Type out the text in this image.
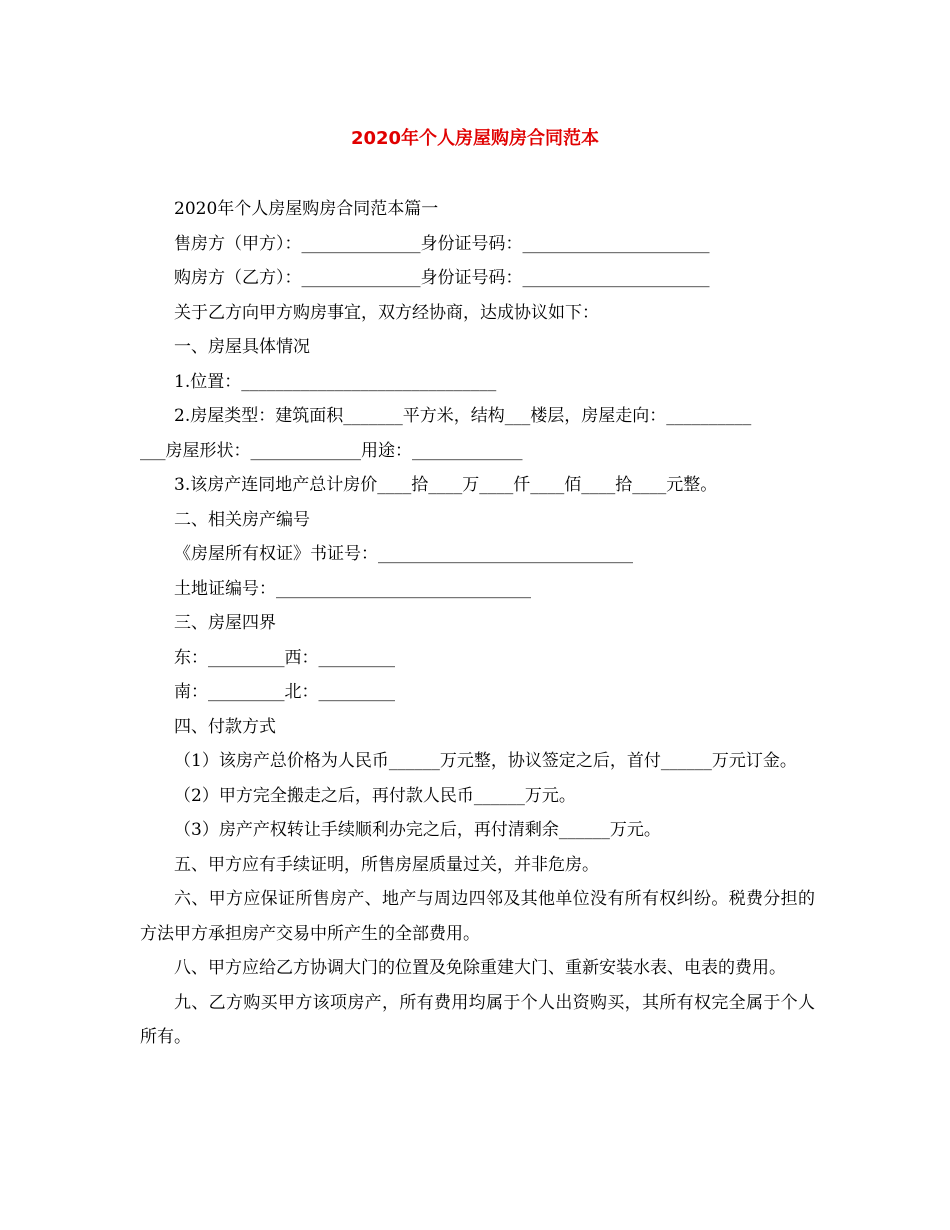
2020年个人房屋购房合同范本

2020年个人房屋购房合同范本篇一

售房方（甲方）：______________身份证号码：______________________

购房方（乙方）：______________身份证号码：______________________

关于乙方向甲方购房事宜，双方经协商，达成协议如下：

一、房屋具体情况

1.位置：______________________________

2.房屋类型：建筑面积_______平方米，结构___楼层，房屋走向：__________

___房屋形状：_____________用途：_____________

3.该房产连同地产总计房价____拾____万____仟____佰____拾____元整。

二、相关房产编号

《房屋所有权证》书证号：______________________________

土地证编号：______________________________

三、房屋四界

东：_________西：_________

南：_________北：_________

四、付款方式

（1）该房产总价格为人民币______万元整，协议签定之后，首付______万元订金。

（2）甲方完全搬走之后，再付款人民币______万元。

（3）房产产权转让手续顺利办完之后，再付清剩余______万元。

五、甲方应有手续证明，所售房屋质量过关，并非危房。

六、甲方应保证所售房产、地产与周边四邻及其他单位没有所有权纠纷。税费分担的方法甲方承担房产交易中所产生的全部费用。

八、甲方应给乙方协调大门的位置及免除重建大门、重新安装水表、电表的费用。

九、乙方购买甲方该项房产，所有费用均属于个人出资购买，其所有权完全属于个人所有。
